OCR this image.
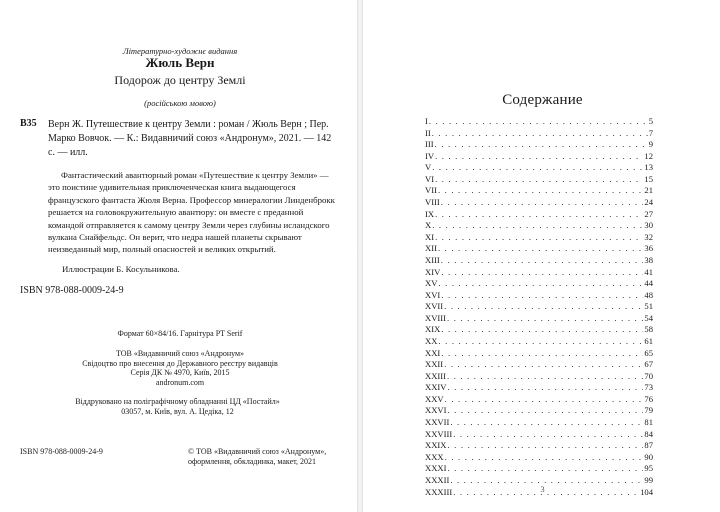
Літературно-художнє видання
Жюль Верн
Подорож до центру Землі
(російською мовою)
В35 Верн Ж. Путешествие к центру Земли : роман / Жюль Верн ; Пер. Марко Вовчок. — К.: Видавничий союз «Андронум», 2021. — 142 с. — илл.
Фантастический авантюрный роман «Путешествие к центру Земли» — это поистине удивительная приключенческая книга выдающегося французского фантаста Жюля Верна. Профессор минералогии Линденброкк решается на головокружительную авантюру: он вместе с преданной командой отправляется к самому центру Земли через глубины исландского вулкана Снайфельдс. Он верит, что недра нашей планеты скрывают неизведанный мир, полный опасностей и великих открытий.
Иллюстрации Б. Косульникова.
ISBN 978-088-0009-24-9
Формат 60×84/16. Гарнітура PT Serif
ТОВ «Видавничий союз «Андронум»
Свідоцтво про внесення до Державного реєстру видавців
Серія ДК № 4970, Київ, 2015
andronum.com
Віддруковано на поліграфічному обладнанні ЦД «Постайл»
03057, м. Київ, вул. А. Цедіка, 12
ISBN 978-088-0009-24-9	© ТОВ «Видавничий союз «Андронум»,
оформлення, обкладинка, макет, 2021
Содержание
I . . .	5
II . . .	7
III . . .	9
IV . . .	12
V . . .	13
VI . . .	15
VII . . .	21
VIII . . .	24
IX . . .	27
X . . .	30
XI . . .	32
XII . . .	36
XIII . . .	38
XIV . . .	41
XV . . .	44
XVI . . .	48
XVII . . .	51
XVIII . . .	54
XIX . . .	58
XX . . .	61
XXI . . .	65
XXII . . .	67
XXIII . . .	70
XXIV . . .	73
XXV . . .	76
XXVI . . .	79
XXVII . . .	81
XXVIII . . .	84
XXIX . . .	87
XXX . . .	90
XXXI . . .	95
XXXII . . .	99
XXXIII . . .	104
3
